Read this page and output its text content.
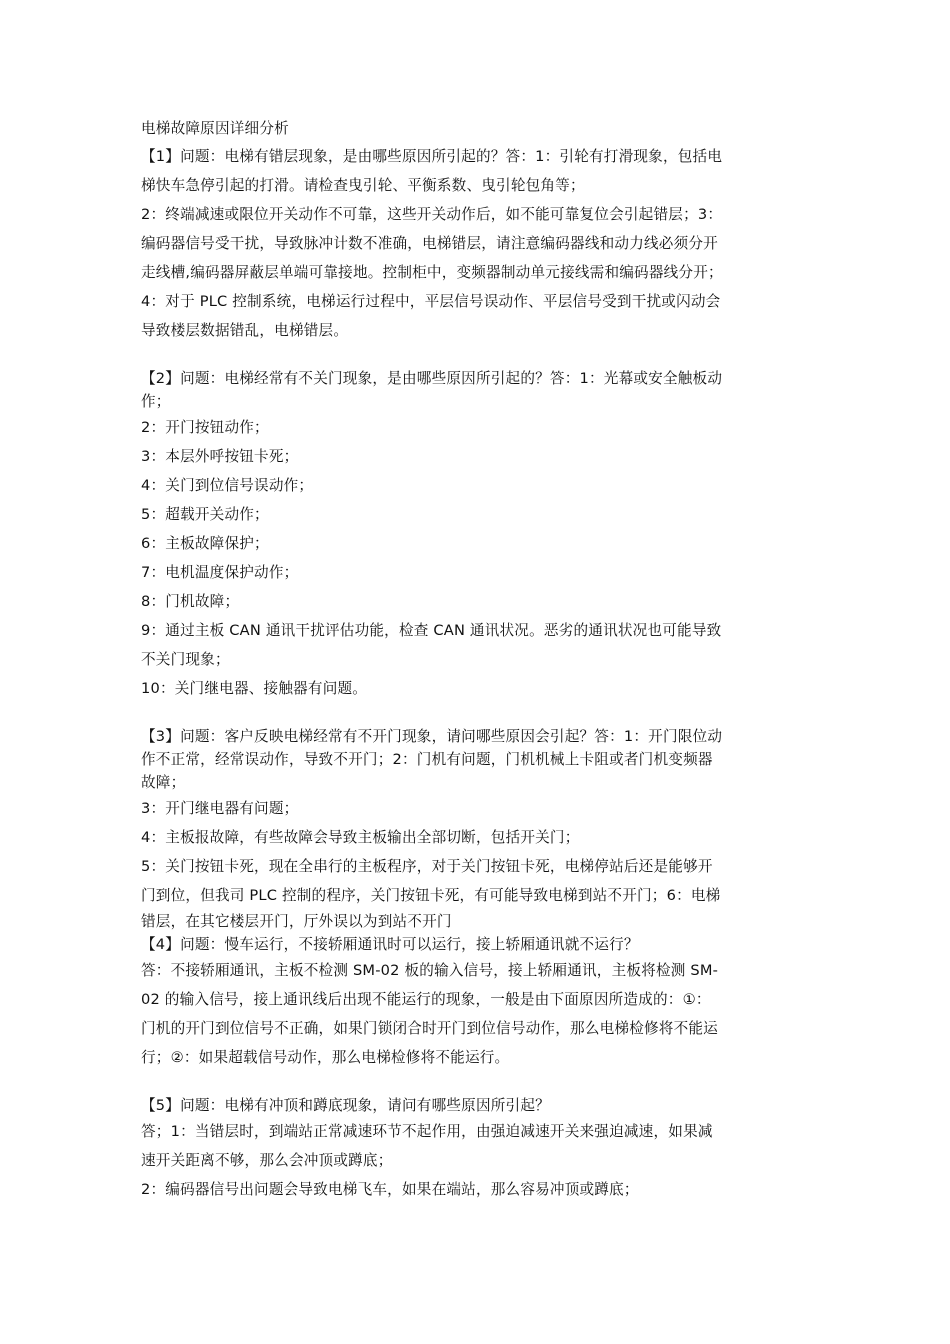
电梯故障原因详细分析
【1】问题：电梯有错层现象，是由哪些原因所引起的？答：1：引轮有打滑现象，包括电
梯快车急停引起的打滑。请检查曳引轮、平衡系数、曳引轮包角等；
2：终端减速或限位开关动作不可靠，这些开关动作后，如不能可靠复位会引起错层；3：
编码器信号受干扰，导致脉冲计数不准确，电梯错层，请注意编码器线和动力线必须分开
走线槽,编码器屏蔽层单端可靠接地。控制柜中，变频器制动单元接线需和编码器线分开；
4：对于 PLC 控制系统，电梯运行过程中，平层信号误动作、平层信号受到干扰或闪动会
导致楼层数据错乱，电梯错层。
【2】问题：电梯经常有不关门现象，是由哪些原因所引起的？答：1：光幕或安全触板动
作；
2：开门按钮动作；
3：本层外呼按钮卡死；
4：关门到位信号误动作；
5：超载开关动作；
6：主板故障保护；
7：电机温度保护动作；
8：门机故障；
9：通过主板 CAN 通讯干扰评估功能，检查 CAN 通讯状况。恶劣的通讯状况也可能导致
不关门现象；
10：关门继电器、接触器有问题。
【3】问题：客户反映电梯经常有不开门现象，请问哪些原因会引起？答：1：开门限位动
作不正常，经常误动作，导致不开门；2：门机有问题，门机机械上卡阻或者门机变频器
故障；
3：开门继电器有问题；
4：主板报故障，有些故障会导致主板输出全部切断，包括开关门；
5：关门按钮卡死，现在全串行的主板程序，对于关门按钮卡死，电梯停站后还是能够开
门到位，但我司 PLC 控制的程序，关门按钮卡死，有可能导致电梯到站不开门；6：电梯
错层，在其它楼层开门，厅外误以为到站不开门
【4】问题：慢车运行，不接轿厢通讯时可以运行，接上轿厢通讯就不运行？
答：不接轿厢通讯，主板不检测 SM-02 板的输入信号，接上轿厢通讯，主板将检测 SM-
02 的输入信号，接上通讯线后出现不能运行的现象，一般是由下面原因所造成的：①：
门机的开门到位信号不正确，如果门锁闭合时开门到位信号动作，那么电梯检修将不能运
行；②：如果超载信号动作，那么电梯检修将不能运行。
【5】问题：电梯有冲顶和蹲底现象，请问有哪些原因所引起？
答；1：当错层时，到端站正常减速环节不起作用，由强迫减速开关来强迫减速，如果减
速开关距离不够，那么会冲顶或蹲底；
2：编码器信号出问题会导致电梯飞车，如果在端站，那么容易冲顶或蹲底；
